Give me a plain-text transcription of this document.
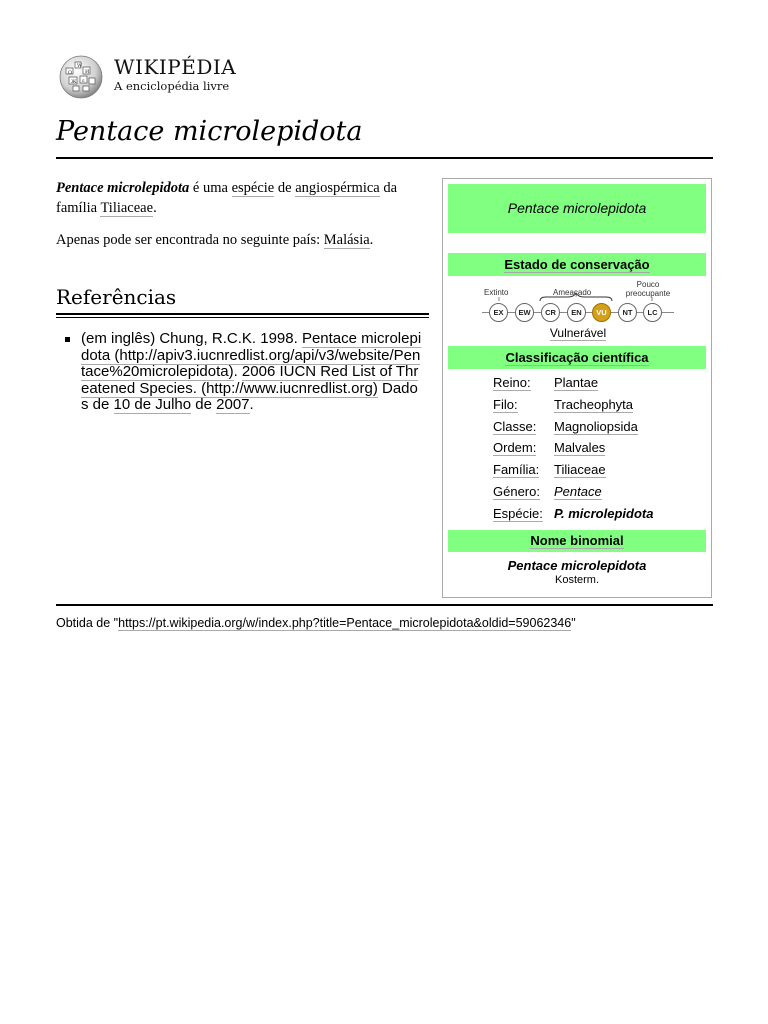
Ω
W
И
Ж ε
WIKIPÉDIA
A enciclopédia livre
Pentace microlepidota

Pentace microlepidota é uma espécie de angiospérmica da família Tiliaceae.

Apenas pode ser encontrada no seguinte país: Malásia.

Referências
(em inglês) Chung, R.C.K. 1998. Pentace microlepidota (http://apiv3.iucnredlist.org/api/v3/website/Pentace%20microlepidota). 2006 IUCN Red List of Threatened Species. (http://www.iucnredlist.org) Dados de 10 de Julho de 2007.
Pentace microlepidota
Estado de conservação
Extinto	Ameaçado
Pouco preocupante
EX	EW	CR	EN	VU	NT	LC
Vulnerável
Classificação científica
Reino: Plantae
Filo:	Tracheophyta
Classe: Magnoliopsida
Ordem: Malvales
Família: Tiliaceae
Género: Pentace
Espécie: P. microlepidota
Nome binomial
Pentace microlepidota
Kosterm.
Obtida de "https://pt.wikipedia.org/w/index.php?title=Pentace_microlepidota&oldid=59062346"
